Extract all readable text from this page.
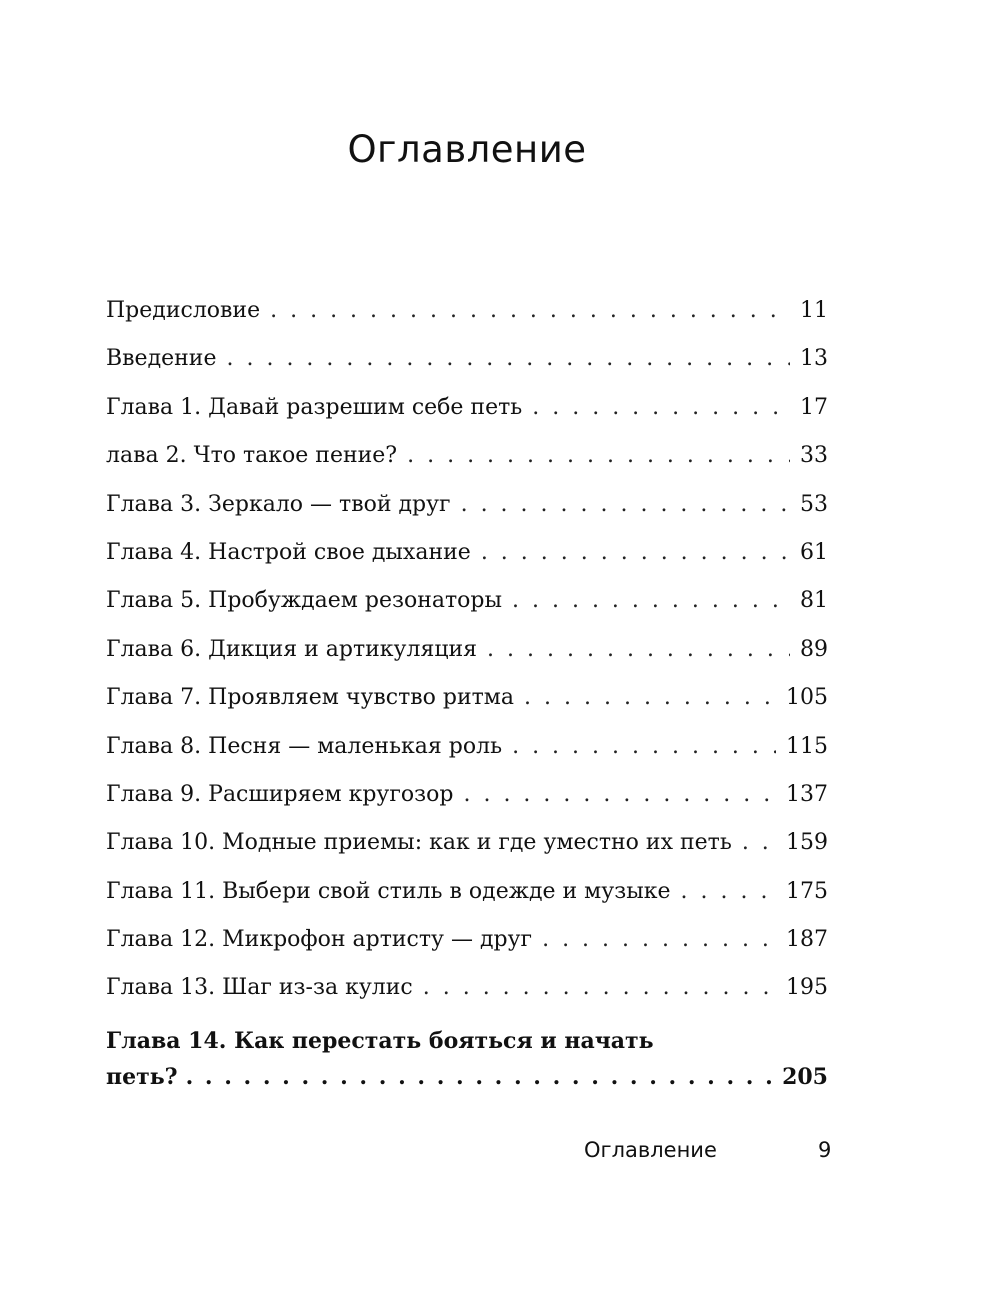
Оглавление
Предисловие . . .	11
Введение . . .	13
Глава 1. Давай разрешим себе петь . . .	17
лава 2. Что такое пение? . . .	33
Глава 3. Зеркало — твой друг . . .	53
Глава 4. Настрой свое дыхание . . .	61
Глава 5. Пробуждаем резонаторы . . .	81
Глава 6. Дикция и артикуляция . . .	89
Глава 7. Проявляем чувство ритма . . .	105
Глава 8. Песня — маленькая роль . . .	115
Глава 9. Расширяем кругозор . . .	137
Глава 10. Модные приемы: как и где уместно их петь . . . 159
Глава 11. Выбери свой стиль в одежде и музыке . . .	175
Глава 12. Микрофон артисту — друг . . .	187
Глава 13. Шаг из-за кулис . . .	195
Глава 14. Как перестать бояться и начать
петь? . . .	205
Оглавление	9
